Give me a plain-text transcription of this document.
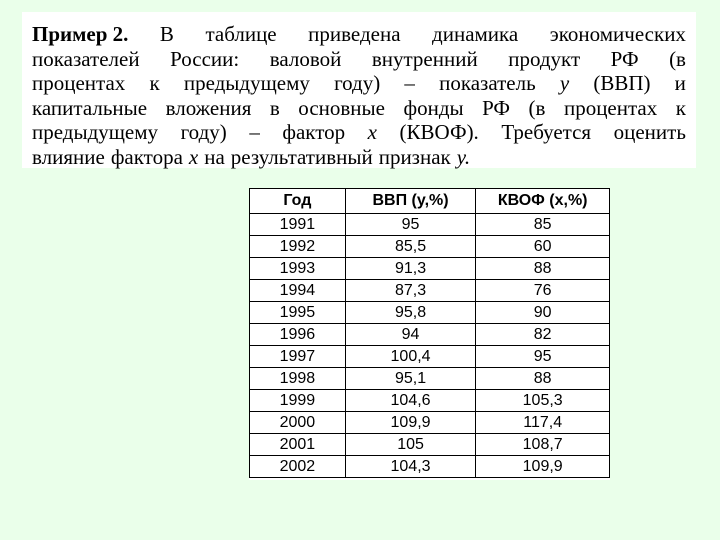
Пример 2. В таблице приведена динамика экономических
показателей России: валовой внутренний продукт РФ (в
процентах к предыдущему году) – показатель y (ВВП) и
капитальные вложения в основные фонды РФ (в процентах к
предыдущему году) – фактор x (КВОФ). Требуется оценить
влияние фактора x на результативный признак y.
Год	ВВП (y,%)	КВОФ (x,%)
1991	95	85
1992	85,5	60
1993	91,3	88
1994	87,3	76
1995	95,8	90
1996	94	82
1997	100,4	95
1998	95,1	88
1999	104,6	105,3
2000	109,9	117,4
2001	105	108,7
2002	104,3	109,9
